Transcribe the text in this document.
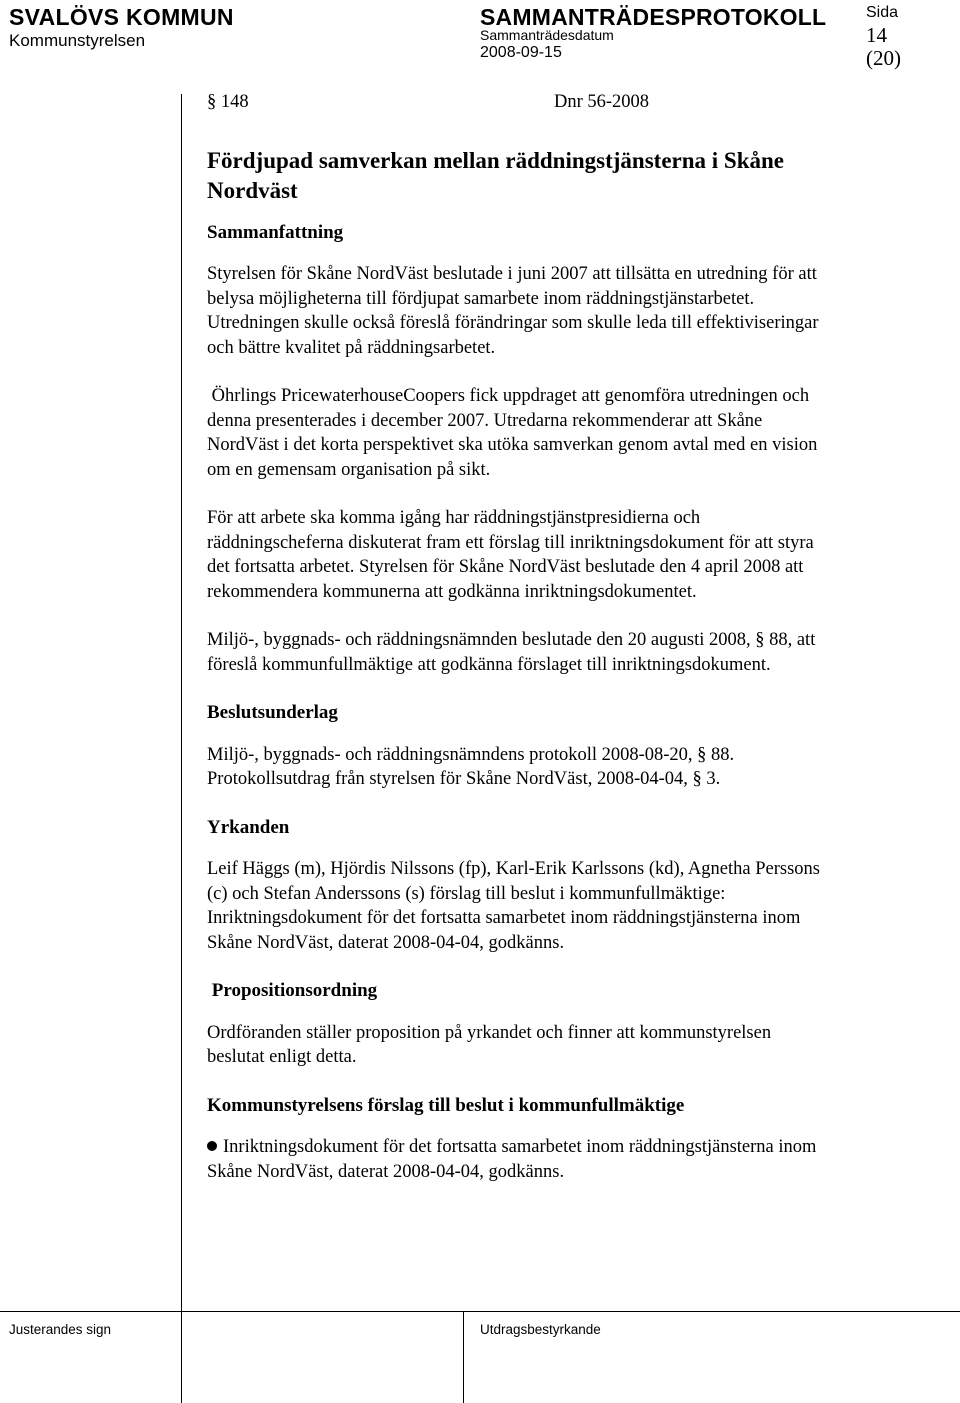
SVALÖVS KOMMUN
Kommunstyrelsen
SAMMANTRÄDESPROTOKOLL
Sammanträdesdatum
2008-09-15
Sida
14
(20)
§ 148	Dnr 56-2008
Fördjupad samverkan mellan räddningstjänsterna i Skåne
Nordväst
Sammanfattning
Styrelsen för Skåne NordVäst beslutade i juni 2007 att tillsätta en utredning för att
belysa möjligheterna till fördjupat samarbete inom räddningstjänstarbetet.
Utredningen skulle också föreslå förändringar som skulle leda till effektiviseringar
och bättre kvalitet på räddningsarbetet.
Öhrlings PricewaterhouseCoopers fick uppdraget att genomföra utredningen och
denna presenterades i december 2007. Utredarna rekommenderar att Skåne
NordVäst i det korta perspektivet ska utöka samverkan genom avtal med en vision
om en gemensam organisation på sikt.
För att arbete ska komma igång har räddningstjänstpresidierna och
räddningscheferna diskuterat fram ett förslag till inriktningsdokument för att styra
det fortsatta arbetet. Styrelsen för Skåne NordVäst beslutade den 4 april 2008 att
rekommendera kommunerna att godkänna inriktningsdokumentet.
Miljö-, byggnads- och räddningsnämnden beslutade den 20 augusti 2008, § 88, att
föreslå kommunfullmäktige att godkänna förslaget till inriktningsdokument.
Beslutsunderlag
Miljö-, byggnads- och räddningsnämndens protokoll 2008-08-20, § 88.
Protokollsutdrag från styrelsen för Skåne NordVäst, 2008-04-04, § 3.
Yrkanden
Leif Häggs (m), Hjördis Nilssons (fp), Karl-Erik Karlssons (kd), Agnetha Perssons
(c) och Stefan Anderssons (s) förslag till beslut i kommunfullmäktige:
Inriktningsdokument för det fortsatta samarbetet inom räddningstjänsterna inom
Skåne NordVäst, daterat 2008-04-04, godkänns.
Propositionsordning
Ordföranden ställer proposition på yrkandet och finner att kommunstyrelsen
beslutat enligt detta.
Kommunstyrelsens förslag till beslut i kommunfullmäktige
Inriktningsdokument för det fortsatta samarbetet inom räddningstjänsterna inom
Skåne NordVäst, daterat 2008-04-04, godkänns.
Justerandes sign	Utdragsbestyrkande
